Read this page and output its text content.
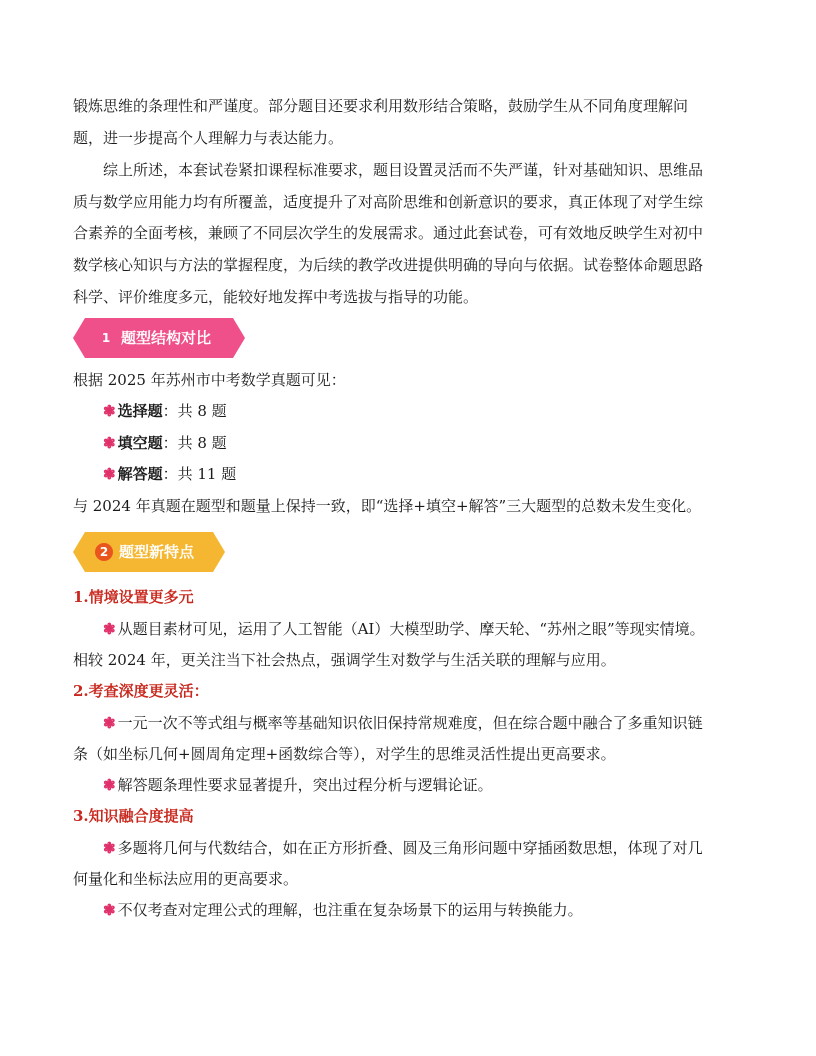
锻炼思维的条理性和严谨度。部分题目还要求利用数形结合策略，鼓励学生从不同角度理解问
题，进一步提高个人理解力与表达能力。
综上所述，本套试卷紧扣课程标准要求，题目设置灵活而不失严谨，针对基础知识、思维品
质与数学应用能力均有所覆盖，适度提升了对高阶思维和创新意识的要求，真正体现了对学生综
合素养的全面考核，兼顾了不同层次学生的发展需求。通过此套试卷，可有效地反映学生对初中
数学核心知识与方法的掌握程度，为后续的教学改进提供明确的导向与依据。试卷整体命题思路
科学、评价维度多元，能较好地发挥中考选拔与指导的功能。
1 题型结构对比
根据 2025 年苏州市中考数学真题可见：
❃ 选择题：共 8 题
❃ 填空题：共 8 题
❃ 解答题：共 11 题
与 2024 年真题在题型和题量上保持一致，即“选择+填空+解答”三大题型的总数未发生变化。
2 题型新特点
1.情境设置更多元
❃ 从题目素材可见，运用了人工智能（AI）大模型助学、摩天轮、“苏州之眼”等现实情境。
相较 2024 年，更关注当下社会热点，强调学生对数学与生活关联的理解与应用。
2.考查深度更灵活：
❃ 一元一次不等式组与概率等基础知识依旧保持常规难度，但在综合题中融合了多重知识链
条（如坐标几何+圆周角定理+函数综合等），对学生的思维灵活性提出更高要求。
❃ 解答题条理性要求显著提升，突出过程分析与逻辑论证。
3.知识融合度提高
❃ 多题将几何与代数结合，如在正方形折叠、圆及三角形问题中穿插函数思想，体现了对几
何量化和坐标法应用的更高要求。
❃ 不仅考查对定理公式的理解，也注重在复杂场景下的运用与转换能力。
